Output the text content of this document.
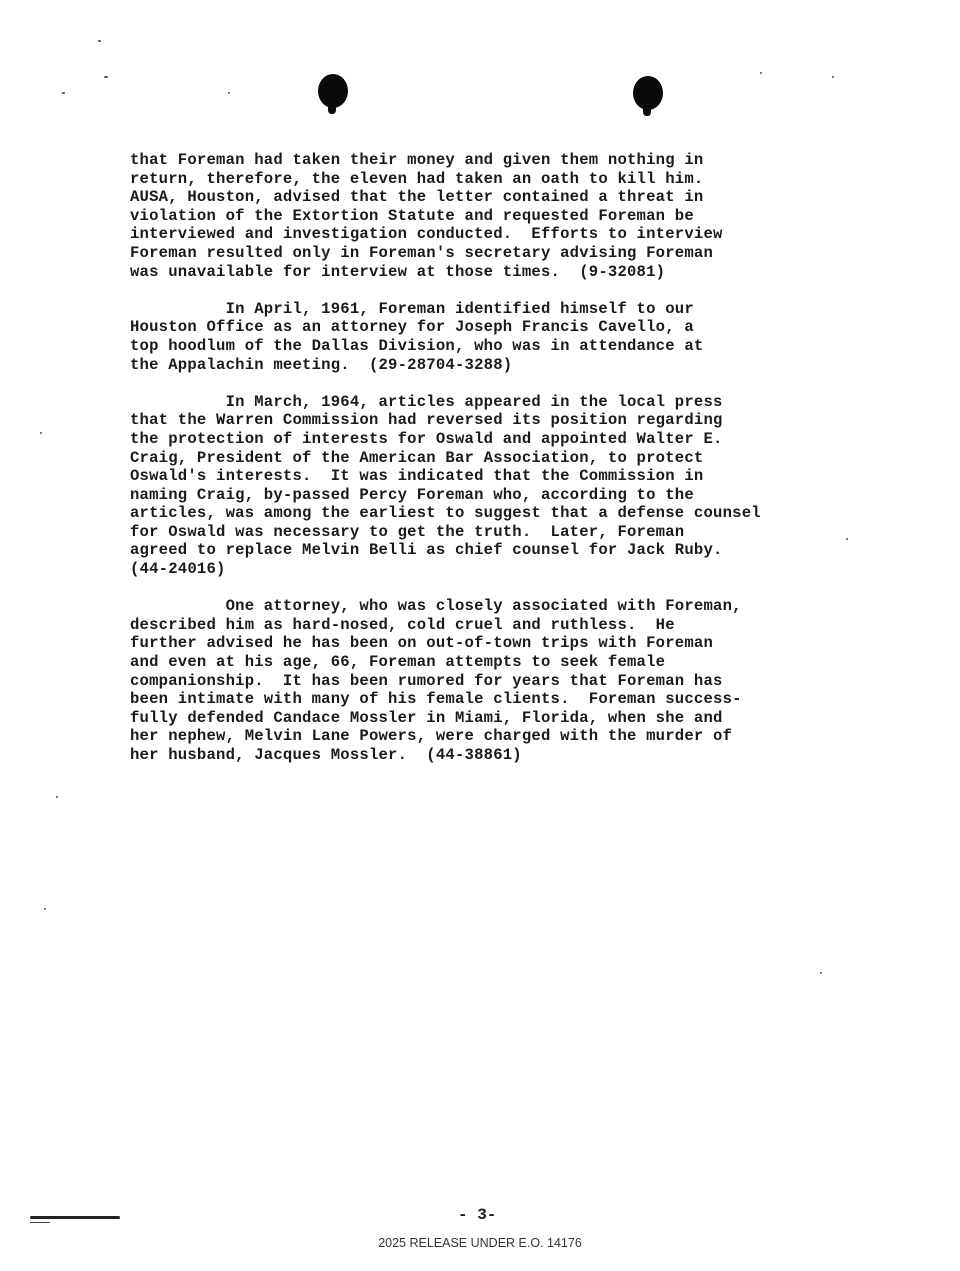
that Foreman had taken their money and given them nothing in
return, therefore, the eleven had taken an oath to kill him.
AUSA, Houston, advised that the letter contained a threat in
violation of the Extortion Statute and requested Foreman be
interviewed and investigation conducted.  Efforts to interview
Foreman resulted only in Foreman's secretary advising Foreman
was unavailable for interview at those times.  (9-32081)
In April, 1961, Foreman identified himself to our
Houston Office as an attorney for Joseph Francis Cavello, a
top hoodlum of the Dallas Division, who was in attendance at
the Appalachin meeting.  (29-28704-3288)
In March, 1964, articles appeared in the local press
that the Warren Commission had reversed its position regarding
the protection of interests for Oswald and appointed Walter E.
Craig, President of the American Bar Association, to protect
Oswald's interests.  It was indicated that the Commission in
naming Craig, by-passed Percy Foreman who, according to the
articles, was among the earliest to suggest that a defense counsel
for Oswald was necessary to get the truth.  Later, Foreman
agreed to replace Melvin Belli as chief counsel for Jack Ruby.
(44-24016)
One attorney, who was closely associated with Foreman,
described him as hard-nosed, cold cruel and ruthless.  He
further advised he has been on out-of-town trips with Foreman
and even at his age, 66, Foreman attempts to seek female
companionship.  It has been rumored for years that Foreman has
been intimate with many of his female clients.  Foreman success-
fully defended Candace Mossler in Miami, Florida, when she and
her nephew, Melvin Lane Powers, were charged with the murder of
her husband, Jacques Mossler.  (44-38861)
- 3-
2025 RELEASE UNDER E.O. 14176
